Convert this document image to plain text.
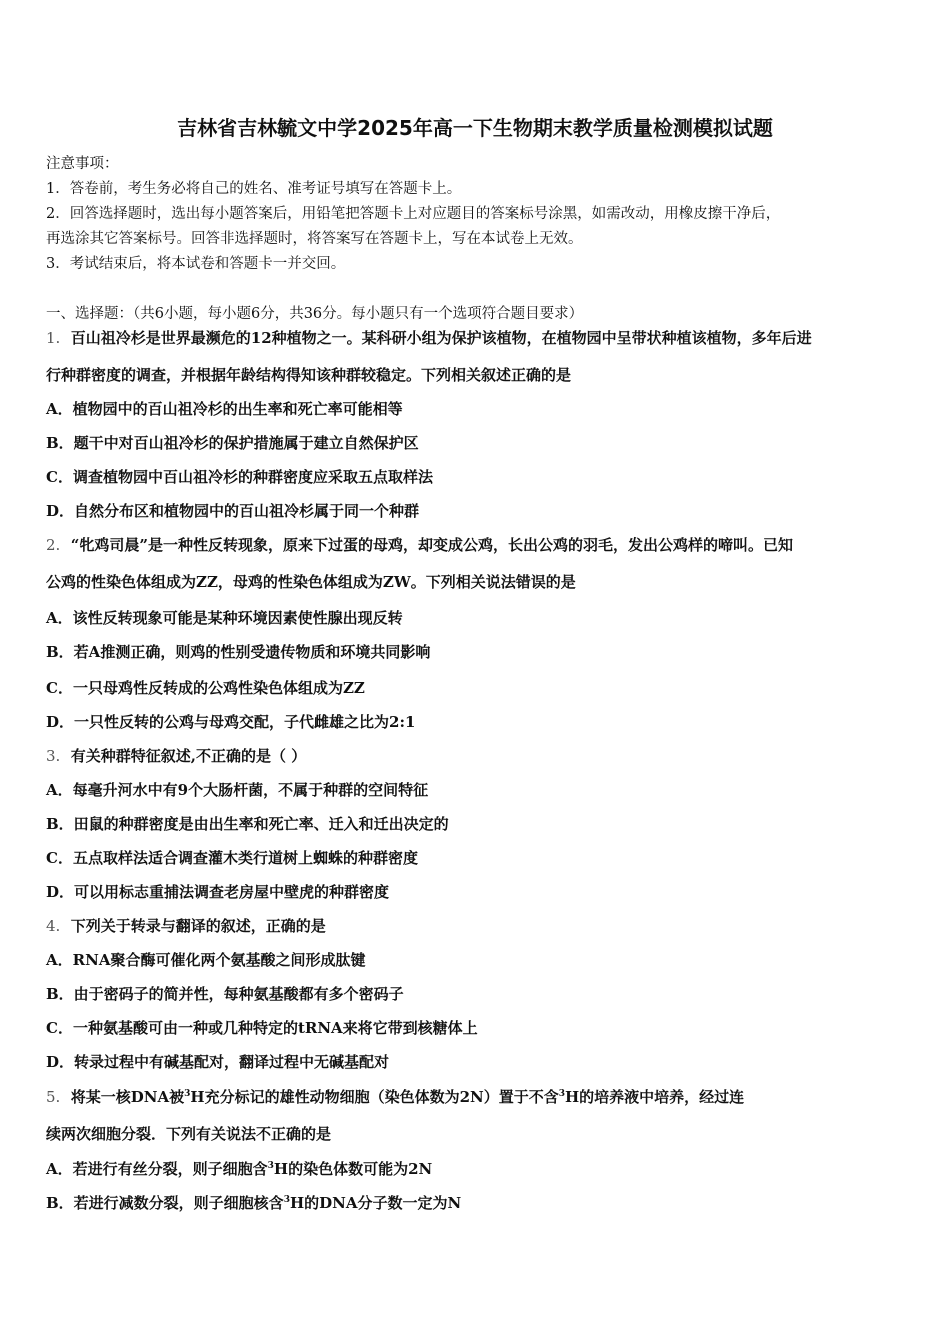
吉林省吉林毓文中学2025年高一下生物期末教学质量检测模拟试题
注意事项：
1．答卷前，考生务必将自己的姓名、准考证号填写在答题卡上。
2．回答选择题时，选出每小题答案后，用铅笔把答题卡上对应题目的答案标号涂黑，如需改动，用橡皮擦干净后，
再选涂其它答案标号。回答非选择题时，将答案写在答题卡上，写在本试卷上无效。
3．考试结束后，将本试卷和答题卡一并交回。
一、选择题：（共6小题，每小题6分，共36分。每小题只有一个选项符合题目要求）
1. 百山祖冷杉是世界最濒危的12种植物之一。某科研小组为保护该植物，在植物园中呈带状种植该植物，多年后进
行种群密度的调查，并根据年龄结构得知该种群较稳定。下列相关叙述正确的是
A．植物园中的百山祖冷杉的出生率和死亡率可能相等
B．题干中对百山祖冷杉的保护措施属于建立自然保护区
C．调查植物园中百山祖冷杉的种群密度应采取五点取样法
D．自然分布区和植物园中的百山祖冷杉属于同一个种群
2. “牝鸡司晨”是一种性反转现象，原来下过蛋的母鸡，却变成公鸡，长出公鸡的羽毛，发出公鸡样的啼叫。已知
公鸡的性染色体组成为ZZ，母鸡的性染色体组成为ZW。下列相关说法错误的是
A．该性反转现象可能是某种环境因素使性腺出现反转
B．若A推测正确，则鸡的性别受遗传物质和环境共同影响
C．一只母鸡性反转成的公鸡性染色体组成为ZZ
D．一只性反转的公鸡与母鸡交配，子代雌雄之比为2:1
3. 有关种群特征叙述,不正确的是（ ）
A．每毫升河水中有9个大肠杆菌，不属于种群的空间特征
B．田鼠的种群密度是由出生率和死亡率、迁入和迁出决定的
C．五点取样法适合调查灌木类行道树上蜘蛛的种群密度
D．可以用标志重捕法调查老房屋中壁虎的种群密度
4. 下列关于转录与翻译的叙述，正确的是
A．RNA聚合酶可催化两个氨基酸之间形成肽键
B．由于密码子的简并性，每种氨基酸都有多个密码子
C．一种氨基酸可由一种或几种特定的tRNA来将它带到核糖体上
D．转录过程中有碱基配对，翻译过程中无碱基配对
5. 将某一核DNA被$^3$H充分标记的雄性动物细胞（染色体数为2N）置于不含$^3$H的培养液中培养，经过连
续两次细胞分裂．下列有关说法不正确的是
A．若进行有丝分裂，则子细胞含$^3$H的染色体数可能为2N
B．若进行减数分裂，则子细胞核含$^3$H的DNA分子数一定为N
